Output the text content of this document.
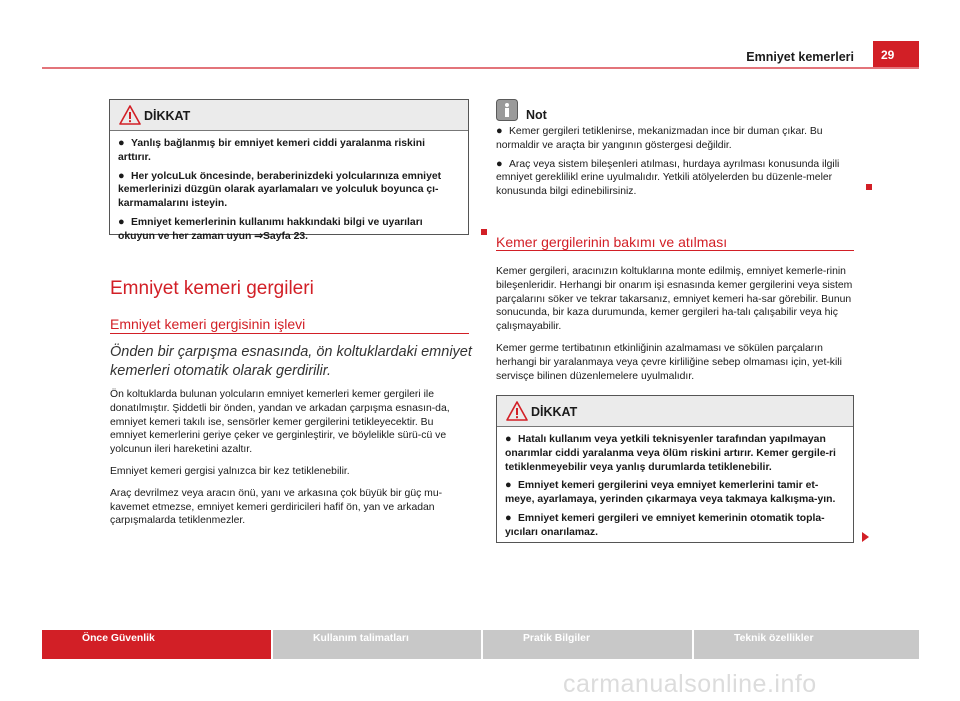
Emniyet kemerleri	29
DİKKAT

● Yanlış bağlanmış bir emniyet kemeri ciddi yaralanma riskini arttırır.

● Her yolcuLuk öncesinde, beraberinizdeki yolcularınıza emniyet kemerlerinizi düzgün olarak ayarlamaları ve yolculuk boyunca çı-karmamalarını isteyin.

● Emniyet kemerlerinin kullanımı hakkındaki bilgi ve uyarıları okuyun ve her zaman uyun ⇒Sayfa 23.

Emniyet kemeri gergileri
Emniyet kemeri gergisinin işlevi
Önden bir çarpışma esnasında, ön koltuklardaki emniyet kemerleri otomatik olarak gerdirilir.

Ön koltuklarda bulunan yolcuların emniyet kemerleri kemer gergileri ile donatılmıştır. Şiddetli bir önden, yandan ve arkadan çarpışma esnasın-da, emniyet kemeri takılı ise, sensörler kemer gergilerini tetikleyecektir. Bu emniyet kemerlerini geriye çeker ve gerginleştirir, ve böylelikle sürü-cü ve yolcunun ileri hareketini azaltır.

Emniyet kemeri gergisi yalnızca bir kez tetiklenebilir.

Araç devrilmez veya aracın önü, yanı ve arkasına çok büyük bir güç mu-kavemet etmezse, emniyet kemeri gerdiricileri hafif ön, yan ve arkadan çarpışmalarda tetiklenmezler.

Not

● Kemer gergileri tetiklenirse, mekanizmadan ince bir duman çıkar. Bu normaldir ve araçta bir yangının göstergesi değildir.

● Araç veya sistem bileşenleri atılması, hurdaya ayrılması konusunda ilgili emniyet gereklilikl erine uyulmalıdır. Yetkili atölyelerden bu düzenle-meler konusunda bilgi edinebilirsiniz.

Kemer gergilerinin bakımı ve atılması

Kemer gergileri, aracınızın koltuklarına monte edilmiş, emniyet kemerle-rinin bileşenleridir. Herhangi bir onarım işi esnasında kemer gergilerini veya sistem parçalarını söker ve tekrar takarsanız, emniyet kemeri ha-sar görebilir. Bunun sonucunda, bir kaza durumunda, kemer gergileri ha-talı çalışabilir veya hiç çalışmayabilir.

Kemer germe tertibatının etkinliğinin azalmaması ve sökülen parçaların herhangi bir yaralanmaya veya çevre kirliliğine sebep olmaması için, yet-kili servisçe bilinen düzenlemelere uyulmalıdır.

DİKKAT

● Hatalı kullanım veya yetkili teknisyenler tarafından yapılmayan onarımlar ciddi yaralanma veya ölüm riskini artırır. Kemer gergile-ri tetiklenmeyebilir veya yanlış durumlarda tetiklenebilir.

● Emniyet kemeri gergilerini veya emniyet kemerlerini tamir et-meye, ayarlamaya, yerinden çıkarmaya veya takmaya kalkışma-yın.

● Emniyet kemeri gergileri ve emniyet kemerinin otomatik topla-yıcıları onarılamaz.

Önce Güvenlik	Kullanım talimatları	Pratik Bilgiler	Teknik özellikler
carmanualsonline.info
